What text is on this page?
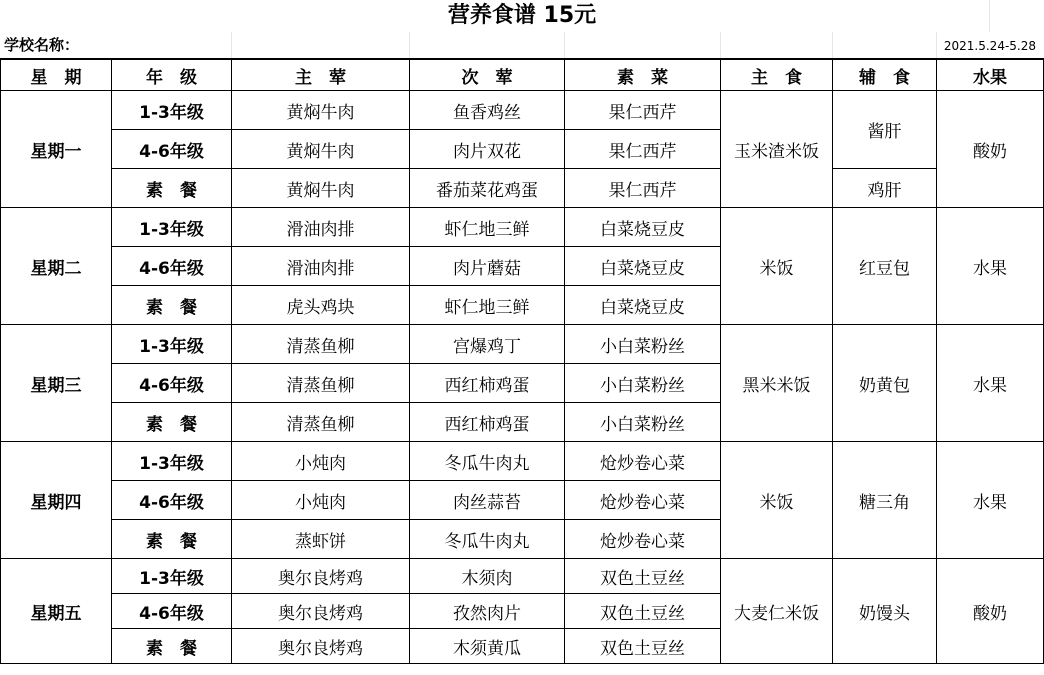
营养食谱 15元
学校名称：	2021.5.24-5.28
星　期	年　级	主　荤	次　荤	素　菜	主　食	辅　食	水果
星期一	1-3年级	黄焖牛肉	鱼香鸡丝	果仁西芹	玉米渣米饭	酱肝	酸奶
	4-6年级	黄焖牛肉	肉片双花	果仁西芹			
	素　餐	黄焖牛肉	番茄菜花鸡蛋	果仁西芹		鸡肝	
星期二	1-3年级	滑油肉排	虾仁地三鲜	白菜烧豆皮	米饭	红豆包	水果
	4-6年级	滑油肉排	肉片蘑菇	白菜烧豆皮			
	素　餐	虎头鸡块	虾仁地三鲜	白菜烧豆皮			
星期三	1-3年级	清蒸鱼柳	宫爆鸡丁	小白菜粉丝	黑米米饭	奶黄包	水果
	4-6年级	清蒸鱼柳	西红柿鸡蛋	小白菜粉丝			
	素　餐	清蒸鱼柳	西红柿鸡蛋	小白菜粉丝			
星期四	1-3年级	小炖肉	冬瓜牛肉丸	炝炒卷心菜	米饭	糖三角	水果
	4-6年级	小炖肉	肉丝蒜苔	炝炒卷心菜			
	素　餐	蒸虾饼	冬瓜牛肉丸	炝炒卷心菜			
星期五	1-3年级	奥尔良烤鸡	木须肉	双色土豆丝	大麦仁米饭	奶馒头	酸奶
	4-6年级	奥尔良烤鸡	孜然肉片	双色土豆丝			
	素　餐	奥尔良烤鸡	木须黄瓜	双色土豆丝			
